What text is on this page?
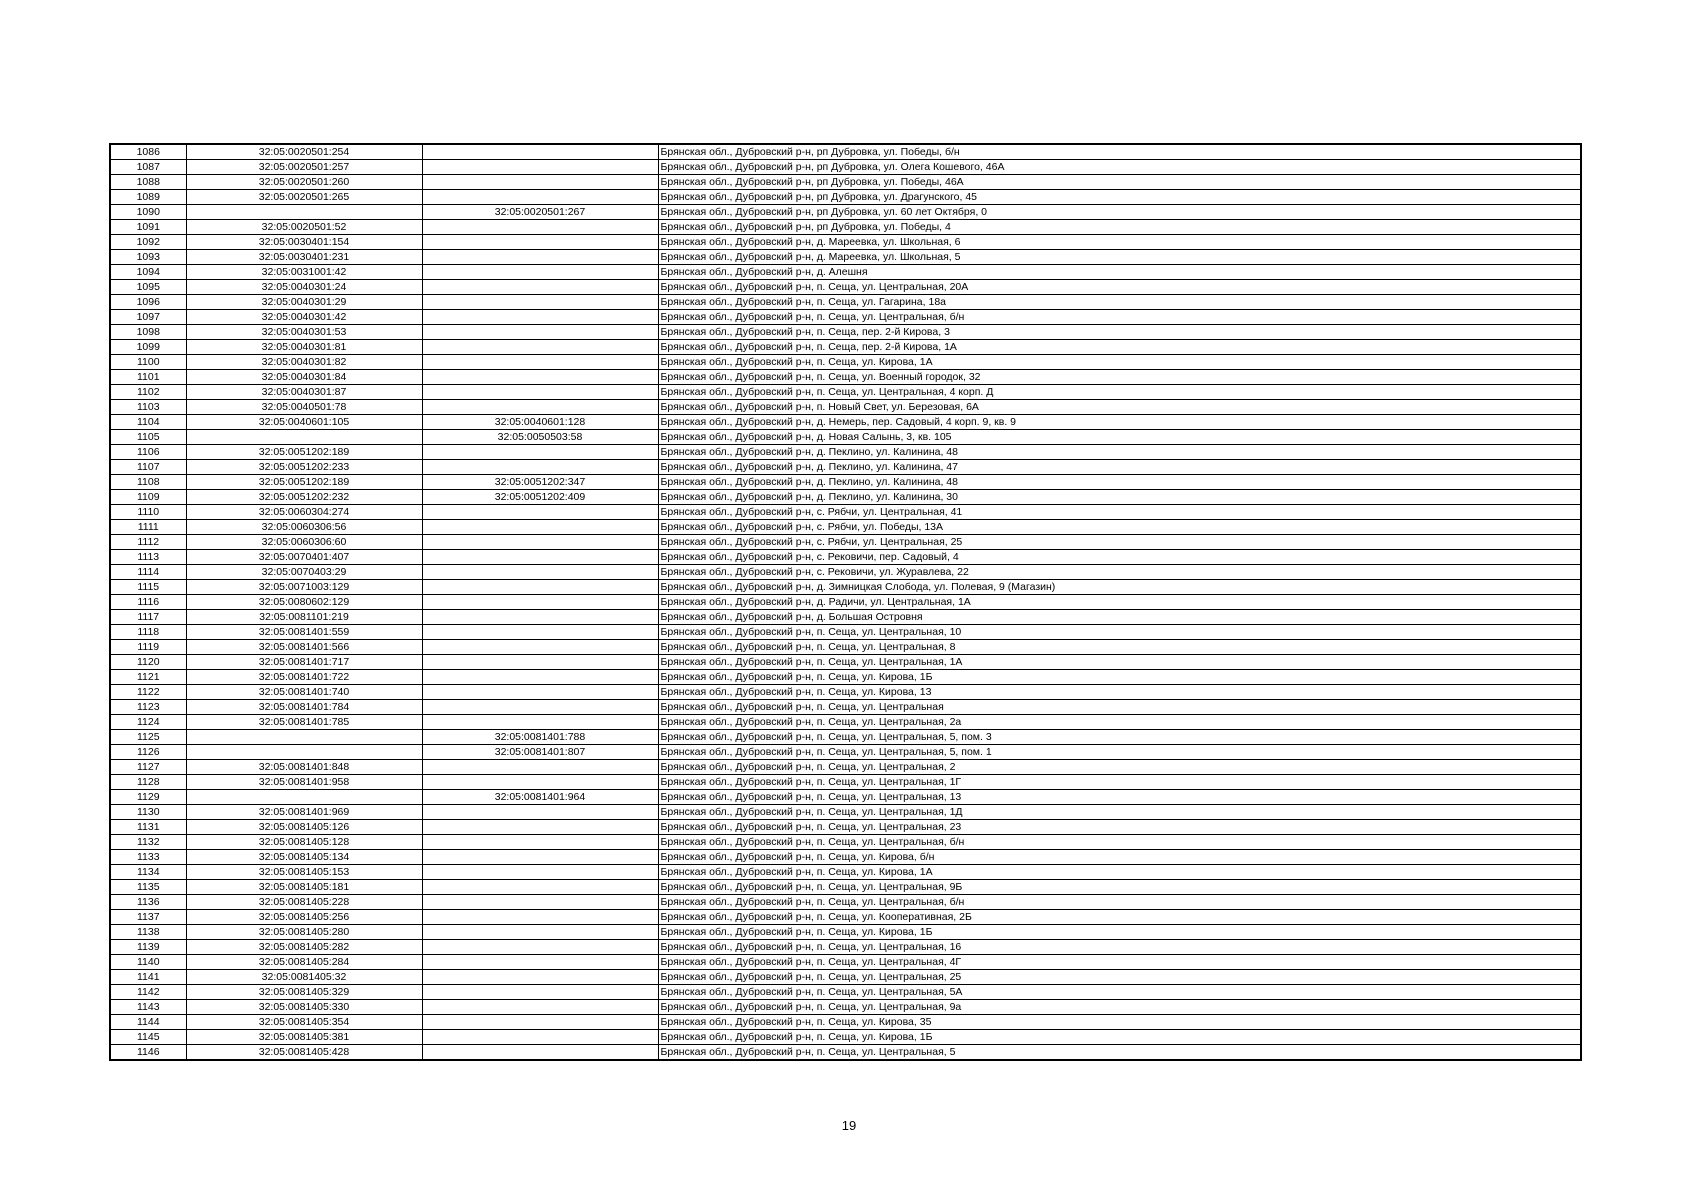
1086	32:05:0020501:254		Брянская обл., Дубровский р-н, рп Дубровка, ул. Победы, б/н
1087	32:05:0020501:257		Брянская обл., Дубровский р-н, рп Дубровка, ул. Олега Кошевого, 46А
1088	32:05:0020501:260		Брянская обл., Дубровский р-н, рп Дубровка, ул. Победы, 46А
1089	32:05:0020501:265		Брянская обл., Дубровский р-н, рп Дубровка, ул. Драгунского, 45
1090		32:05:0020501:267	Брянская обл., Дубровский р-н, рп Дубровка, ул. 60 лет Октября, 0
1091	32:05:0020501:52		Брянская обл., Дубровский р-н, рп Дубровка, ул. Победы, 4
1092	32:05:0030401:154		Брянская обл., Дубровский р-н, д. Мареевка, ул. Школьная, 6
1093	32:05:0030401:231		Брянская обл., Дубровский р-н, д. Мареевка, ул. Школьная, 5
1094	32:05:0031001:42		Брянская обл., Дубровский р-н, д. Алешня
1095	32:05:0040301:24		Брянская обл., Дубровский р-н, п. Сеща, ул. Центральная, 20А
1096	32:05:0040301:29		Брянская обл., Дубровский р-н, п. Сеща, ул. Гагарина, 18а
1097	32:05:0040301:42		Брянская обл., Дубровский р-н, п. Сеща, ул. Центральная, б/н
1098	32:05:0040301:53		Брянская обл., Дубровский р-н, п. Сеща, пер. 2-й Кирова, 3
1099	32:05:0040301:81		Брянская обл., Дубровский р-н, п. Сеща, пер. 2-й Кирова, 1А
1100	32:05:0040301:82		Брянская обл., Дубровский р-н, п. Сеща, ул. Кирова, 1А
1101	32:05:0040301:84		Брянская обл., Дубровский р-н, п. Сеща, ул. Военный городок, 32
1102	32:05:0040301:87		Брянская обл., Дубровский р-н, п. Сеща, ул. Центральная, 4 корп. Д
1103	32:05:0040501:78		Брянская обл., Дубровский р-н, п. Новый Свет, ул. Березовая, 6А
1104	32:05:0040601:105	32:05:0040601:128	Брянская обл., Дубровский р-н, д. Немерь, пер. Садовый, 4 корп. 9, кв. 9
1105		32:05:0050503:58	Брянская обл., Дубровский р-н, д. Новая Салынь, 3, кв. 105
1106	32:05:0051202:189		Брянская обл., Дубровский р-н, д. Пеклино, ул. Калинина, 48
1107	32:05:0051202:233		Брянская обл., Дубровский р-н, д. Пеклино, ул. Калинина, 47
1108	32:05:0051202:189	32:05:0051202:347	Брянская обл., Дубровский р-н, д. Пеклино, ул. Калинина, 48
1109	32:05:0051202:232	32:05:0051202:409	Брянская обл., Дубровский р-н, д. Пеклино, ул. Калинина, 30
1110	32:05:0060304:274		Брянская обл., Дубровский р-н, с. Рябчи, ул. Центральная, 41
1111	32:05:0060306:56		Брянская обл., Дубровский р-н, с. Рябчи, ул. Победы, 13А
1112	32:05:0060306:60		Брянская обл., Дубровский р-н, с. Рябчи, ул. Центральная, 25
1113	32:05:0070401:407		Брянская обл., Дубровский р-н, с. Рековичи, пер. Садовый, 4
1114	32:05:0070403:29		Брянская обл., Дубровский р-н, с. Рековичи, ул. Журавлева, 22
1115	32:05:0071003:129		Брянская обл., Дубровский р-н, д. Зимницкая Слобода, ул. Полевая, 9 (Магазин)
1116	32:05:0080602:129		Брянская обл., Дубровский р-н, д. Радичи, ул. Центральная, 1А
1117	32:05:0081101:219		Брянская обл., Дубровский р-н, д. Большая Островня
1118	32:05:0081401:559		Брянская обл., Дубровский р-н, п. Сеща, ул. Центральная, 10
1119	32:05:0081401:566		Брянская обл., Дубровский р-н, п. Сеща, ул. Центральная, 8
1120	32:05:0081401:717		Брянская обл., Дубровский р-н, п. Сеща, ул. Центральная, 1А
1121	32:05:0081401:722		Брянская обл., Дубровский р-н, п. Сеща, ул. Кирова, 1Б
1122	32:05:0081401:740		Брянская обл., Дубровский р-н, п. Сеща, ул. Кирова, 13
1123	32:05:0081401:784		Брянская обл., Дубровский р-н, п. Сеща, ул. Центральная
1124	32:05:0081401:785		Брянская обл., Дубровский р-н, п. Сеща, ул. Центральная, 2а
1125		32:05:0081401:788	Брянская обл., Дубровский р-н, п. Сеща, ул. Центральная, 5, пом. 3
1126		32:05:0081401:807	Брянская обл., Дубровский р-н, п. Сеща, ул. Центральная, 5, пом. 1
1127	32:05:0081401:848		Брянская обл., Дубровский р-н, п. Сеща, ул. Центральная, 2
1128	32:05:0081401:958		Брянская обл., Дубровский р-н, п. Сеща, ул. Центральная, 1Г
1129		32:05:0081401:964	Брянская обл., Дубровский р-н, п. Сеща, ул. Центральная, 13
1130	32:05:0081401:969		Брянская обл., Дубровский р-н, п. Сеща, ул. Центральная, 1Д
1131	32:05:0081405:126		Брянская обл., Дубровский р-н, п. Сеща, ул. Центральная, 23
1132	32:05:0081405:128		Брянская обл., Дубровский р-н, п. Сеща, ул. Центральная, б/н
1133	32:05:0081405:134		Брянская обл., Дубровский р-н, п. Сеща, ул. Кирова, б/н
1134	32:05:0081405:153		Брянская обл., Дубровский р-н, п. Сеща, ул. Кирова, 1А
1135	32:05:0081405:181		Брянская обл., Дубровский р-н, п. Сеща, ул. Центральная, 9Б
1136	32:05:0081405:228		Брянская обл., Дубровский р-н, п. Сеща, ул. Центральная, б/н
1137	32:05:0081405:256		Брянская обл., Дубровский р-н, п. Сеща, ул. Кооперативная, 2Б
1138	32:05:0081405:280		Брянская обл., Дубровский р-н, п. Сеща, ул. Кирова, 1Б
1139	32:05:0081405:282		Брянская обл., Дубровский р-н, п. Сеща, ул. Центральная, 16
1140	32:05:0081405:284		Брянская обл., Дубровский р-н, п. Сеща, ул. Центральная, 4Г
1141	32:05:0081405:32		Брянская обл., Дубровский р-н, п. Сеща, ул. Центральная, 25
1142	32:05:0081405:329		Брянская обл., Дубровский р-н, п. Сеща, ул. Центральная, 5А
1143	32:05:0081405:330		Брянская обл., Дубровский р-н, п. Сеща, ул. Центральная, 9а
1144	32:05:0081405:354		Брянская обл., Дубровский р-н, п. Сеща, ул. Кирова, 35
1145	32:05:0081405:381		Брянская обл., Дубровский р-н, п. Сеща, ул. Кирова, 1Б
1146	32:05:0081405:428		Брянская обл., Дубровский р-н, п. Сеща, ул. Центральная, 5
19
